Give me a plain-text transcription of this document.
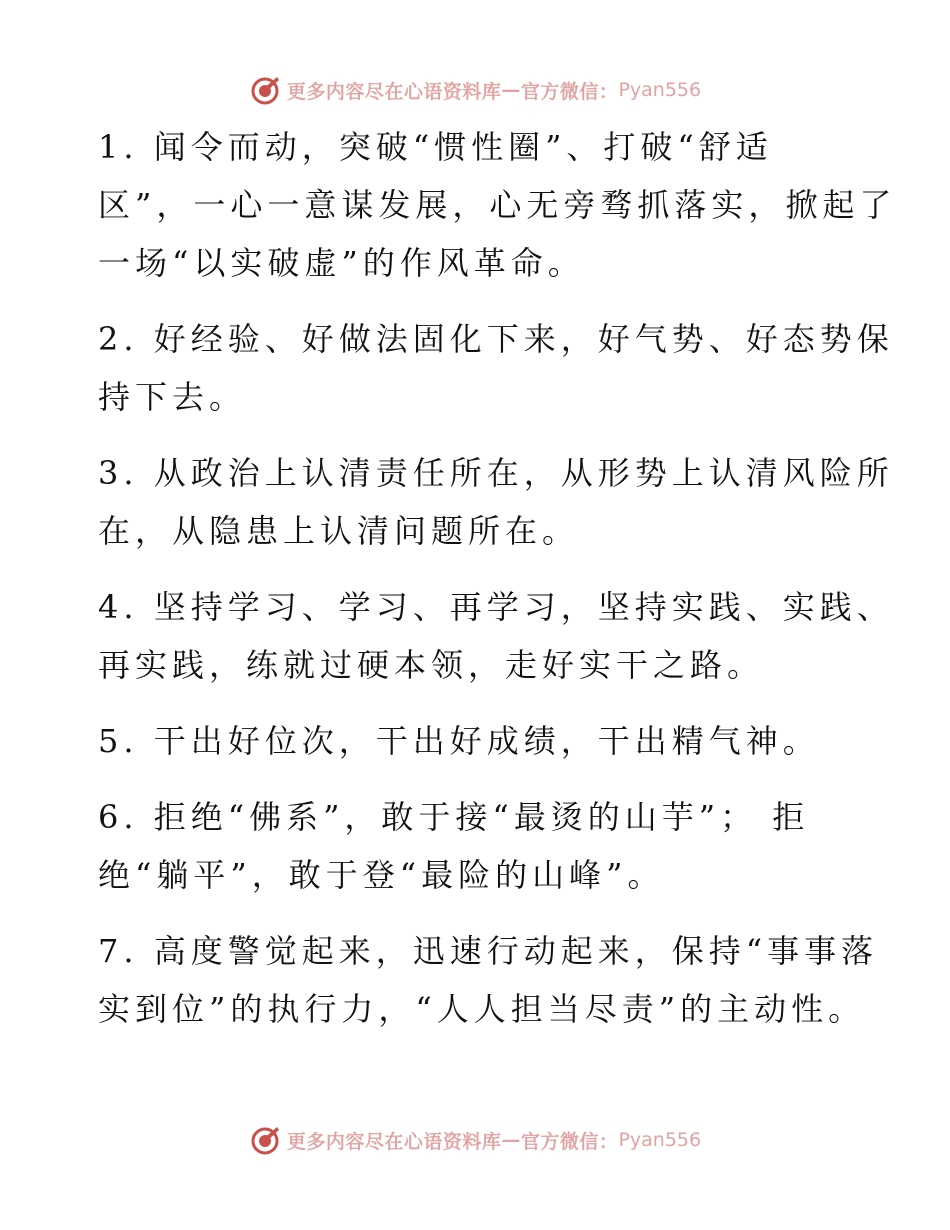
更多内容尽在心语资料库 — 官方微信： Pyan556
1. 闻令而动，突破“惯性圈”、打破“舒适
区”，一心一意谋发展，心无旁骛抓落实，掀起了
一场“以实破虚”的作风革命。
2. 好经验、好做法固化下来，好气势、好态势保
持下去。
3. 从政治上认清责任所在，从形势上认清风险所
在，从隐患上认清问题所在。
4. 坚持学习、学习、再学习，坚持实践、实践、
再实践，练就过硬本领，走好实干之路。
5. 干出好位次，干出好成绩，干出精气神。
6. 拒绝“佛系”，敢于接“最烫的山芋”； 拒
绝“躺平”，敢于登“最险的山峰”。
7. 高度警觉起来，迅速行动起来，保持“事事落
实到位”的执行力，“人人担当尽责”的主动性。
更多内容尽在心语资料库 — 官方微信： Pyan556
